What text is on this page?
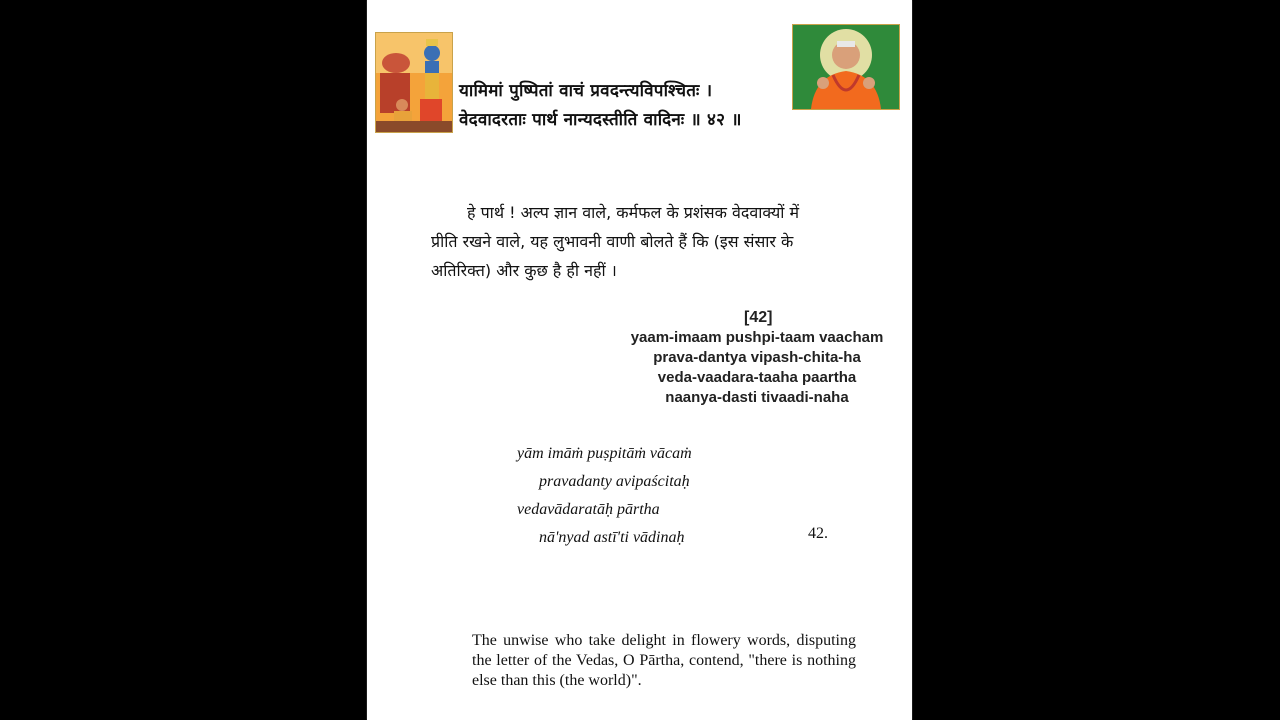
यामिमां पुष्पितां वाचं प्रवदन्त्यविपश्चितः ।
वेदवादरताः पार्थ नान्यदस्तीति वादिनः ॥ ४२ ॥
हे पार्थ ! अल्प ज्ञान वाले, कर्मफल के प्रशंसक वेदवाक्यों में
प्रीति रखने वाले, यह लुभावनी वाणी बोलते हैं कि (इस संसार के
अतिरिक्त) और कुछ है ही नहीं ।
[42]
yaam-imaam pushpi-taam vaacham
prava-dantya vipash-chita-ha
veda-vaadara-taaha paartha
naanya-dasti tivaadi-naha
yām imāṁ puṣpitāṁ vācaṁ
pravadanty avipaścitaḥ
vedavādaratāḥ pārtha
nā'nyad astī'ti vādinaḥ	42.
The unwise who take delight in flowery words, disputing the letter of the Vedas, O Pārtha, contend, "there is nothing else than this (the world)".
